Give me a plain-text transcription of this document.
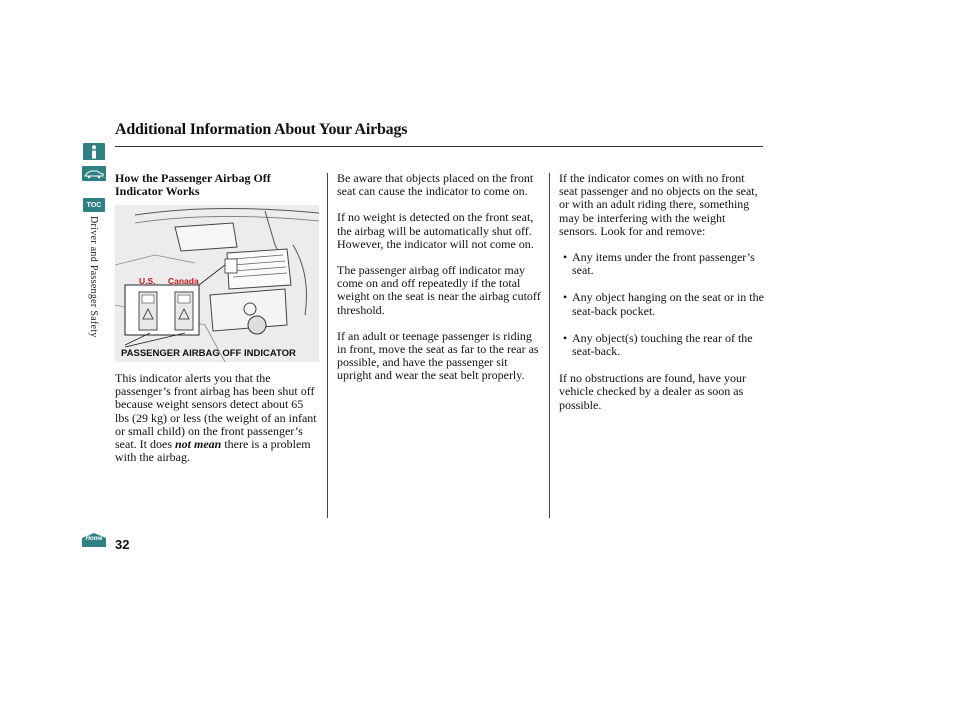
TOC
Driver and Passenger Safety
Home 32
Additional Information About Your Airbags

How the Passenger Airbag Off Indicator Works

U.S. Canada
PASSENGER AIRBAG OFF INDICATOR

This indicator alerts you that the passenger’s front airbag has been shut off because weight sensors detect about 65 lbs (29 kg) or less (the weight of an infant or small child) on the front passenger’s seat. It does not mean there is a problem with the airbag.

Be aware that objects placed on the front seat can cause the indicator to come on.

If no weight is detected on the front seat, the airbag will be automatically shut off. However, the indicator will not come on.

The passenger airbag off indicator may come on and off repeatedly if the total weight on the seat is near the airbag cutoff threshold.

If an adult or teenage passenger is riding in front, move the seat as far to the rear as possible, and have the passenger sit upright and wear the seat belt properly.

If the indicator comes on with no front seat passenger and no objects on the seat, or with an adult riding there, something may be interfering with the weight sensors. Look for and remove:

• Any items under the front passenger’s seat.
• Any object hanging on the seat or in the seat-back pocket.
• Any object(s) touching the rear of the seat-back.

If no obstructions are found, have your vehicle checked by a dealer as soon as possible.
